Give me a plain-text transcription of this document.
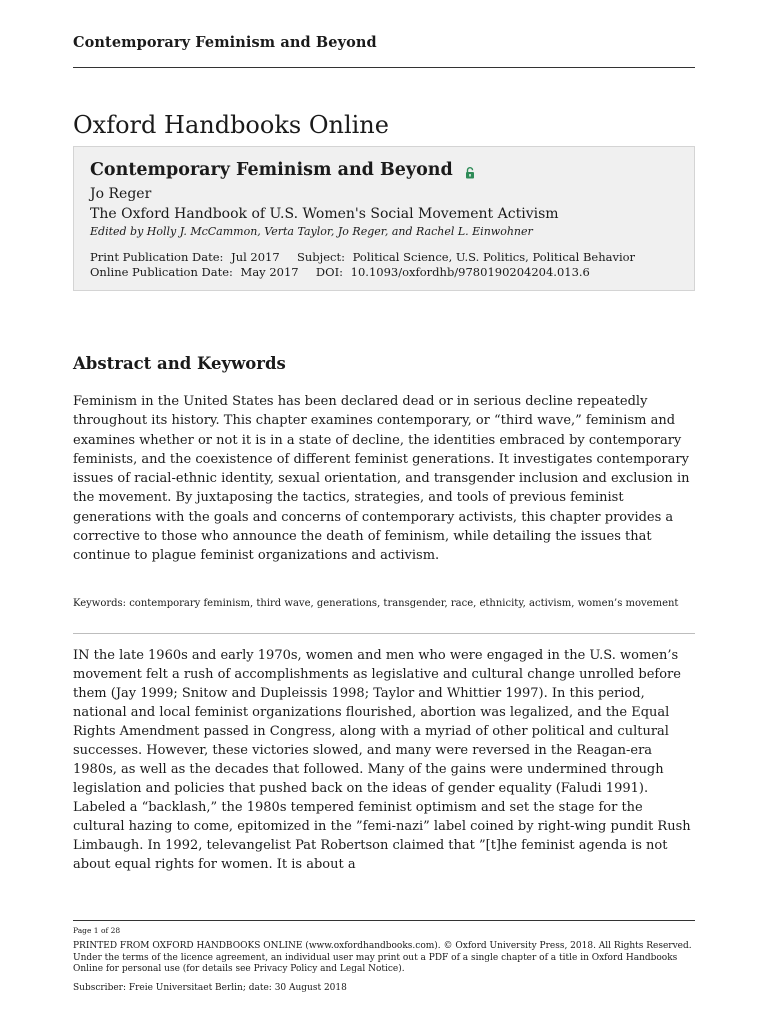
Contemporary Feminism and Beyond
Oxford Handbooks Online
Contemporary Feminism and Beyond
Jo Reger
The Oxford Handbook of U.S. Women's Social Movement Activism
Edited by Holly J. McCammon, Verta Taylor, Jo Reger, and Rachel L. Einwohner
Print Publication Date: Jul 2017 Subject: Political Science, U.S. Politics, Political Behavior
Online Publication Date: May 2017 DOI: 10.1093/oxfordhb/9780190204204.013.6
Abstract and Keywords

Feminism in the United States has been declared dead or in serious decline repeatedly throughout its history. This chapter examines contemporary, or “third wave,” feminism and examines whether or not it is in a state of decline, the identities embraced by contemporary feminists, and the coexistence of different feminist generations. It investigates contemporary issues of racial-ethnic identity, sexual orientation, and transgender inclusion and exclusion in the movement. By juxtaposing the tactics, strategies, and tools of previous feminist generations with the goals and concerns of contemporary activists, this chapter provides a corrective to those who announce the death of feminism, while detailing the issues that continue to plague feminist organizations and activism.

Keywords: contemporary feminism, third wave, generations, transgender, race, ethnicity, activism, women’s movement

IN the late 1960s and early 1970s, women and men who were engaged in the U.S. women’s movement felt a rush of accomplishments as legislative and cultural change unrolled before them (Jay 1999; Snitow and Dupleissis 1998; Taylor and Whittier 1997). In this period, national and local feminist organizations flourished, abortion was legalized, and the Equal Rights Amendment passed in Congress, along with a myriad of other political and cultural successes. However, these victories slowed, and many were reversed in the Reagan-era 1980s, as well as the decades that followed. Many of the gains were undermined through legislation and policies that pushed back on the ideas of gender equality (Faludi 1991). Labeled a “backlash,” the 1980s tempered feminist optimism and set the stage for the cultural hazing to come, epitomized in the ”femi-nazi” label coined by right-wing pundit Rush Limbaugh. In 1992, televangelist Pat Robertson claimed that ”[t]he feminist agenda is not about equal rights for women. It is about a

Page 1 of 28
PRINTED FROM OXFORD HANDBOOKS ONLINE (www.oxfordhandbooks.com). © Oxford University Press, 2018. All Rights Reserved. Under the terms of the licence agreement, an individual user may print out a PDF of a single chapter of a title in Oxford Handbooks Online for personal use (for details see Privacy Policy and Legal Notice).
Subscriber: Freie Universitaet Berlin; date: 30 August 2018
